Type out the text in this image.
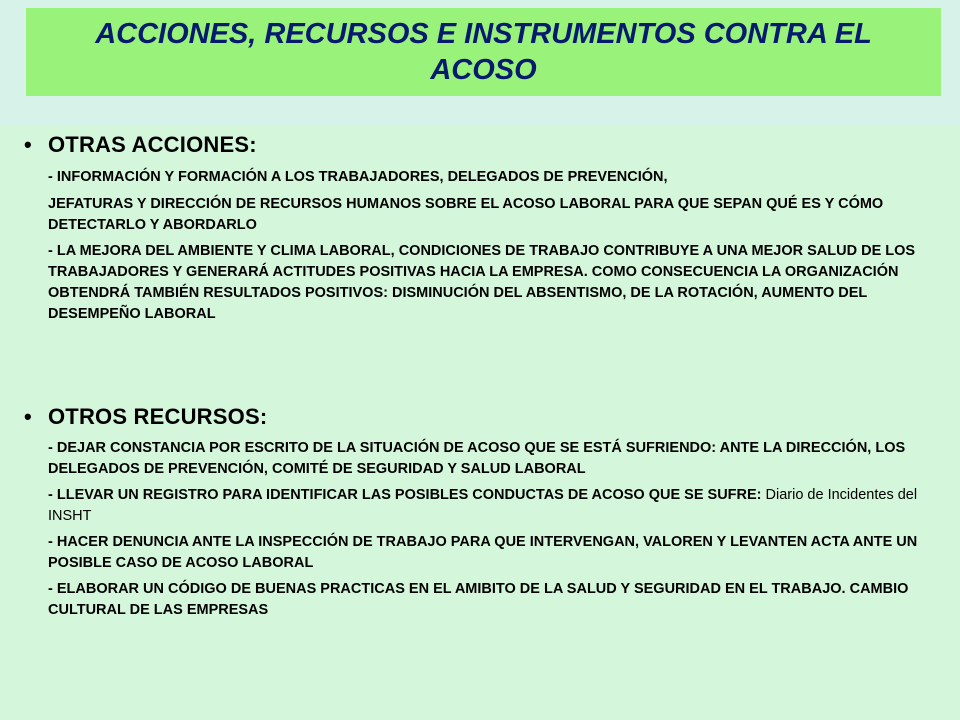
ACCIONES, RECURSOS E INSTRUMENTOS CONTRA EL ACOSO
• OTRAS ACCIONES:
- INFORMACIÓN Y FORMACIÓN A LOS TRABAJADORES, DELEGADOS DE PREVENCIÓN,
JEFATURAS Y DIRECCIÓN DE RECURSOS HUMANOS SOBRE EL ACOSO LABORAL PARA QUE SEPAN QUÉ ES Y CÓMO DETECTARLO Y ABORDARLO
- LA MEJORA DEL AMBIENTE Y CLIMA LABORAL, CONDICIONES DE TRABAJO CONTRIBUYE A UNA MEJOR SALUD DE LOS TRABAJADORES Y GENERARÁ ACTITUDES POSITIVAS HACIA LA EMPRESA. COMO CONSECUENCIA LA ORGANIZACIÓN OBTENDRÁ TAMBIÉN RESULTADOS POSITIVOS: DISMINUCIÓN DEL ABSENTISMO, DE LA ROTACIÓN, AUMENTO DEL DESEMPEÑO LABORAL
• OTROS RECURSOS:
- DEJAR CONSTANCIA POR ESCRITO DE LA SITUACIÓN DE ACOSO QUE SE ESTÁ SUFRIENDO: ANTE LA DIRECCIÓN, LOS DELEGADOS DE PREVENCIÓN, COMITÉ DE SEGURIDAD Y SALUD LABORAL
- LLEVAR UN REGISTRO PARA IDENTIFICAR LAS POSIBLES CONDUCTAS DE ACOSO QUE SE SUFRE: Diario de Incidentes del INSHT
- HACER DENUNCIA ANTE LA INSPECCIÓN DE TRABAJO PARA QUE INTERVENGAN, VALOREN Y LEVANTEN ACTA ANTE UN POSIBLE CASO DE ACOSO LABORAL
- ELABORAR UN CÓDIGO DE BUENAS PRACTICAS EN EL AMIBITO DE LA SALUD Y SEGURIDAD EN EL TRABAJO. CAMBIO CULTURAL DE LAS EMPRESAS
